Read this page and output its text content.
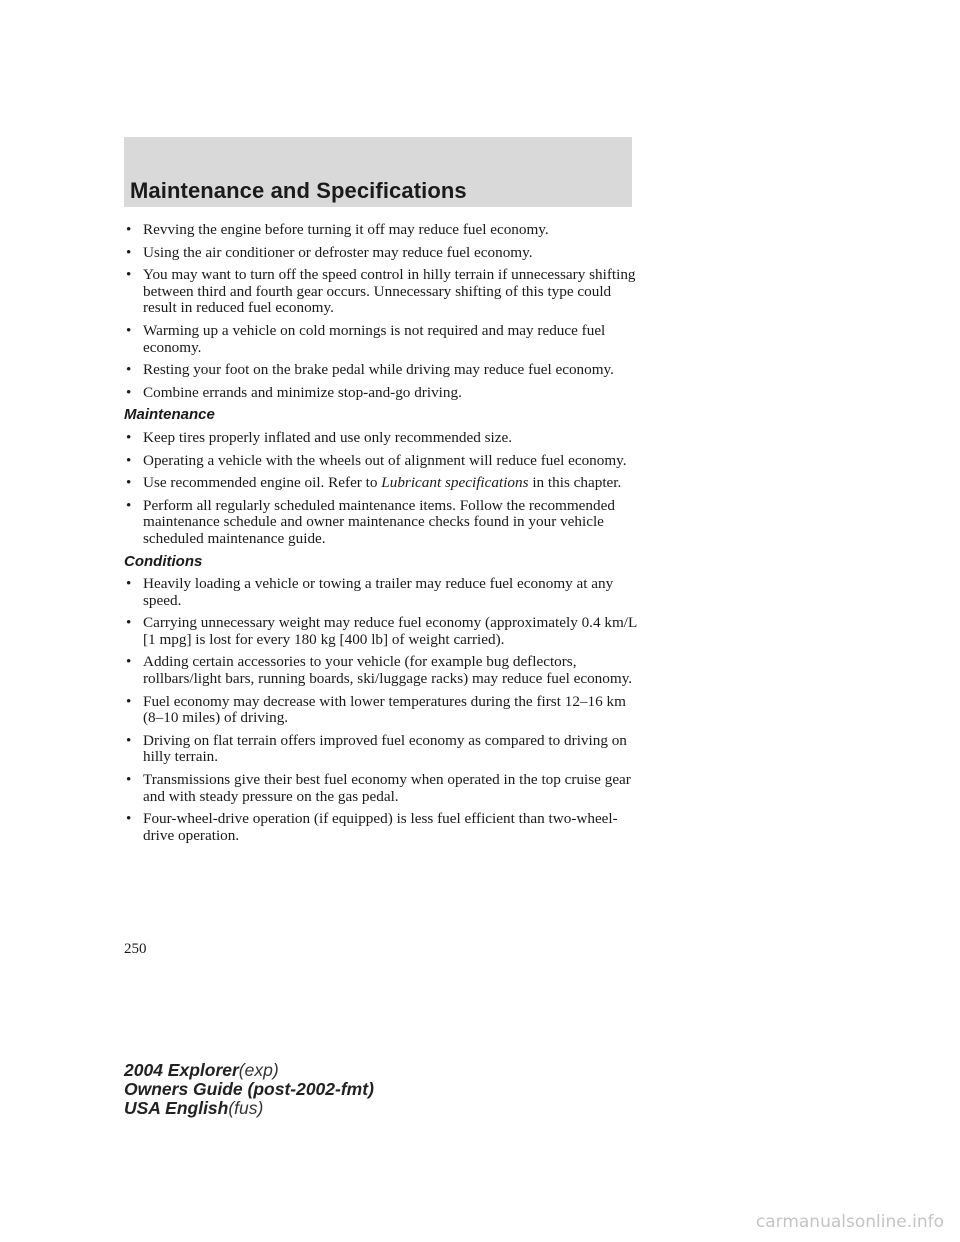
Maintenance and Specifications
• Revving the engine before turning it off may reduce fuel economy.
• Using the air conditioner or defroster may reduce fuel economy.
• You may want to turn off the speed control in hilly terrain if unnecessary shifting between third and fourth gear occurs. Unnecessary shifting of this type could result in reduced fuel economy.
• Warming up a vehicle on cold mornings is not required and may reduce fuel economy.
• Resting your foot on the brake pedal while driving may reduce fuel economy.
• Combine errands and minimize stop-and-go driving.
Maintenance
• Keep tires properly inflated and use only recommended size.
• Operating a vehicle with the wheels out of alignment will reduce fuel economy.
• Use recommended engine oil. Refer to Lubricant specifications in this chapter.
• Perform all regularly scheduled maintenance items. Follow the recommended maintenance schedule and owner maintenance checks found in your vehicle scheduled maintenance guide.
Conditions
• Heavily loading a vehicle or towing a trailer may reduce fuel economy at any speed.
• Carrying unnecessary weight may reduce fuel economy (approximately 0.4 km/L [1 mpg] is lost for every 180 kg [400 lb] of weight carried).
• Adding certain accessories to your vehicle (for example bug deflectors, rollbars/light bars, running boards, ski/luggage racks) may reduce fuel economy.
• Fuel economy may decrease with lower temperatures during the first 12–16 km (8–10 miles) of driving.
• Driving on flat terrain offers improved fuel economy as compared to driving on hilly terrain.
• Transmissions give their best fuel economy when operated in the top cruise gear and with steady pressure on the gas pedal.
• Four-wheel-drive operation (if equipped) is less fuel efficient than two-wheel-drive operation.
250
2004 Explorer(exp)
Owners Guide (post-2002-fmt)
USA English(fus)
carmanualsonline.info
